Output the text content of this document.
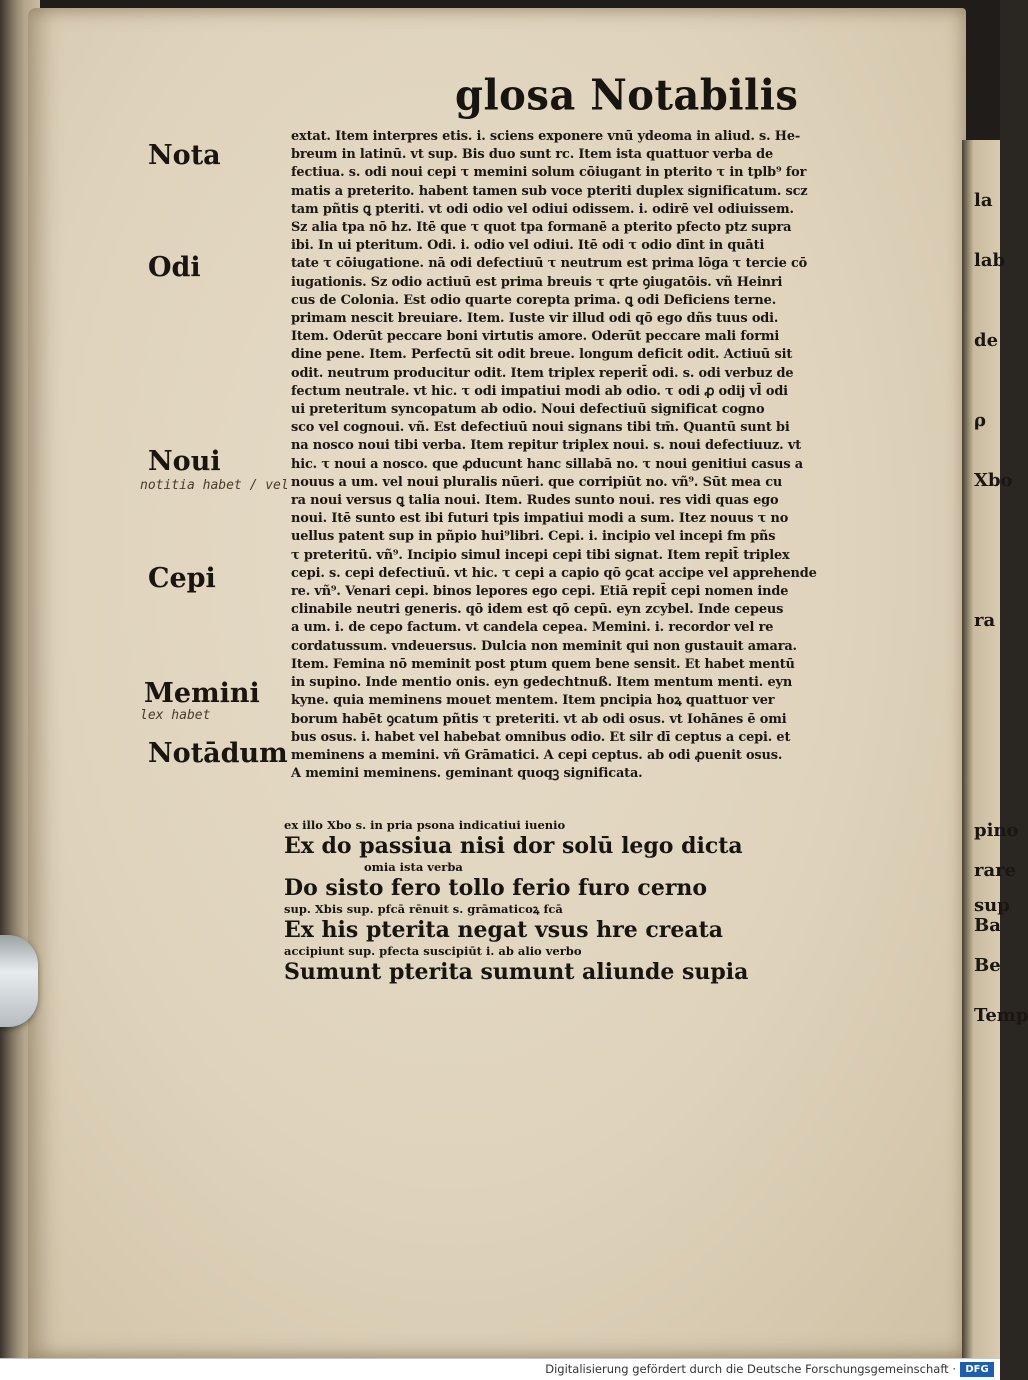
glosa Notabilis
Nota
Odi
Noui
notitia habet / vel
Cepi
Memini
lex habet
Notādum
extat. Item interpres etis. i. sciens exponere vnū ydeoma in aliud. s. He-
breum in latinū. vt sup. Bis duo sunt rc. Item ista quattuor verba de
fectiua. s. odi noui cepi τ memini solum cōiugant in pterito τ in tplb⁹ for
matis a preterito. habent tamen sub voce pteriti duplex significatum. scz
tam pñtis ꝗ pteriti. vt odi odio vel odiui odissem. i. odirē vel odiuissem.
Sz alia tpa nō hz. Itē que τ quot tpa formanē a pterito pfecto ptz supra
ibi. In ui pteritum. Odi. i. odio vel odiui. Itē odi τ odio dīnt in quāti
tate τ cōiugatione. nā odi defectiuū τ neutrum est prima lōga τ tercie cō
iugationis. Sz odio actiuū est prima breuis τ qrte ꝯiugatōis. vñ Heinri
cus de Colonia. Est odio quarte corepta prima. ꝗ odi Deficiens terne.
primam nescit breuiare. Item. Iuste vir illud odi qō ego dñs tuus odi.
Item. Oderūt peccare boni virtutis amore. Oderūt peccare mali formi
dine pene. Item. Perfectū sit odit breue. longum deficit odit. Actiuū sit
odit. neutrum producitur odit. Item triplex reperit̄ odi. s. odi verbuz de
fectum neutrale. vt hic. τ odi impatiui modi ab odio. τ odi ꝓ odij vl̄ odi
ui preteritum syncopatum ab odio. Noui defectiuū significat cogno
sco vel cognoui. vñ. Est defectiuū noui signans tibi tm̄. Quantū sunt bi
na nosco noui tibi verba. Item repitur triplex noui. s. noui defectiuuz. vt
hic. τ noui a nosco. que ꝓducunt hanc sillabā no. τ noui genitiui casus a
nouus a um. vel noui pluralis nūeri. que corripiūt no. vñ⁹. Sūt mea cu
ra noui versus ꝗ talia noui. Item. Rudes sunto noui. res vidi quas ego
noui. Itē sunto est ibi futuri tpis impatiui modi a sum. Itez nouus τ no
uellus patent sup in pñpio hui⁹libri. Cepi. i. incipio vel incepi fm pñs
τ preteritū. vñ⁹. Incipio simul incepi cepi tibi signat. Item repit̄ triplex
cepi. s. cepi defectiuū. vt hic. τ cepi a capio qō ꝯcat accipe vel apprehende
re. vñ⁹. Venari cepi. binos lepores ego cepi. Etiā repit̄ cepi nomen inde
clinabile neutri generis. qō idem est qō cepū. eyn zcybel. Inde cepeus
a um. i. de cepo factum. vt candela cepea. Memini. i. recordor vel re
cordatussum. vndeuersus. Dulcia non meminit qui non gustauit amara.
Item. Femina nō meminit post ptum quem bene sensit. Et habet mentū
in supino. Inde mentio onis. eyn gedechtnuß. Item mentum menti. eyn
kyne. quia meminens mouet mentem. Item pncipia hoꝝ quattuor ver
borum habēt ꝯcatum pñtis τ preteriti. vt ab odi osus. vt Iohānes ē omi
bus osus. i. habet vel habebat omnibus odio. Et silr dī ceptus a cepi. et
meminens a memini. vñ Grāmatici. A cepi ceptus. ab odi ꝓuenit osus.
A memini meminens. geminant quoqꝫ significata.
ex illo Xbo s. in pria psona indicatiui iuenio
Ex do passiua nisi dor solū lego dicta
omia ista verba
Do sisto fero tollo ferio furo cerno
sup. Xbis sup. pfcā rēnuit s. grāmaticoꝝ fcā
Ex his pterita negat vsus hre creata
accipiunt sup. pfecta suscipiūt i. ab alio verbo
Sumunt pterita sumunt aliunde supia
la
lab
de
ρ
Xbo
ra
pino
rare
sup
Ba
Be
Temp
Digitalisierung gefördert durch die Deutsche Forschungsgemeinschaft · DFG
